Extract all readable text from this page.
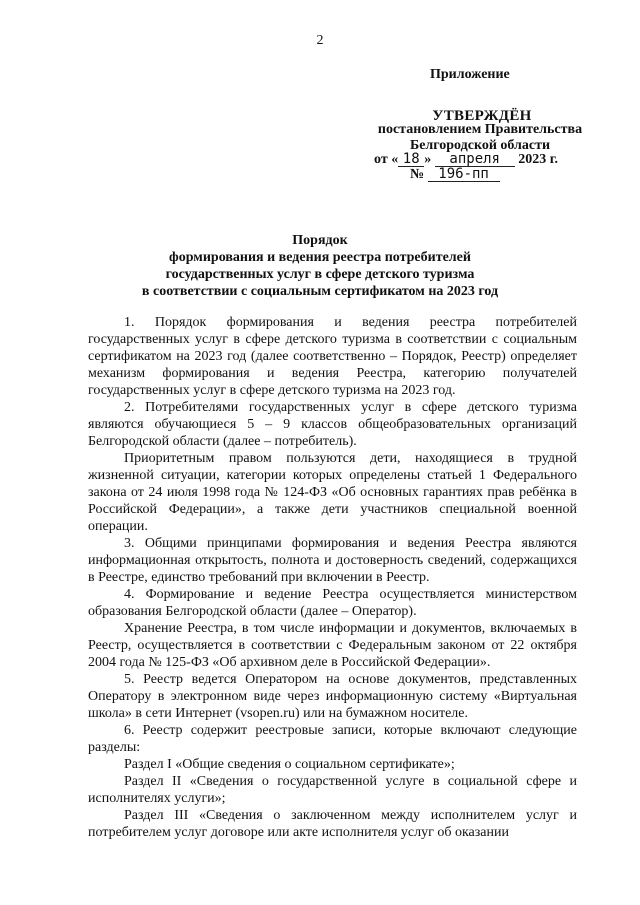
2
Приложение
УТВЕРЖДЁН
постановлением Правительства
Белгородской области
от « 18 » апреля 2023 г.
№ 196-пп
Порядок
формирования и ведения реестра потребителей
государственных услуг в сфере детского туризма
в соответствии с социальным сертификатом на 2023 год

1. Порядок формирования и ведения реестра потребителей государственных услуг в сфере детского туризма в соответствии с социальным сертификатом на 2023 год (далее соответственно – Порядок, Реестр) определяет механизм формирования и ведения Реестра, категорию получателей государственных услуг в сфере детского туризма на 2023 год.

2. Потребителями государственных услуг в сфере детского туризма являются обучающиеся 5 – 9 классов общеобразовательных организаций Белгородской области (далее – потребитель).

Приоритетным правом пользуются дети, находящиеся в трудной жизненной ситуации, категории которых определены статьей 1 Федерального закона от 24 июля 1998 года № 124-ФЗ «Об основных гарантиях прав ребёнка в Российской Федерации», а также дети участников специальной военной операции.

3. Общими принципами формирования и ведения Реестра являются информационная открытость, полнота и достоверность сведений, содержащихся в Реестре, единство требований при включении в Реестр.

4. Формирование и ведение Реестра осуществляется министерством образования Белгородской области (далее – Оператор).

Хранение Реестра, в том числе информации и документов, включаемых в Реестр, осуществляется в соответствии с Федеральным законом от 22 октября 2004 года № 125-ФЗ «Об архивном деле в Российской Федерации».

5. Реестр ведется Оператором на основе документов, представленных Оператору в электронном виде через информационную систему «Виртуальная школа» в сети Интернет (vsopen.ru) или на бумажном носителе.

6. Реестр содержит реестровые записи, которые включают следующие разделы:

Раздел I «Общие сведения о социальном сертификате»;

Раздел II «Сведения о государственной услуге в социальной сфере и исполнителях услуги»;

Раздел III «Сведения о заключенном между исполнителем услуг и потребителем услуг договоре или акте исполнителя услуг об оказании
